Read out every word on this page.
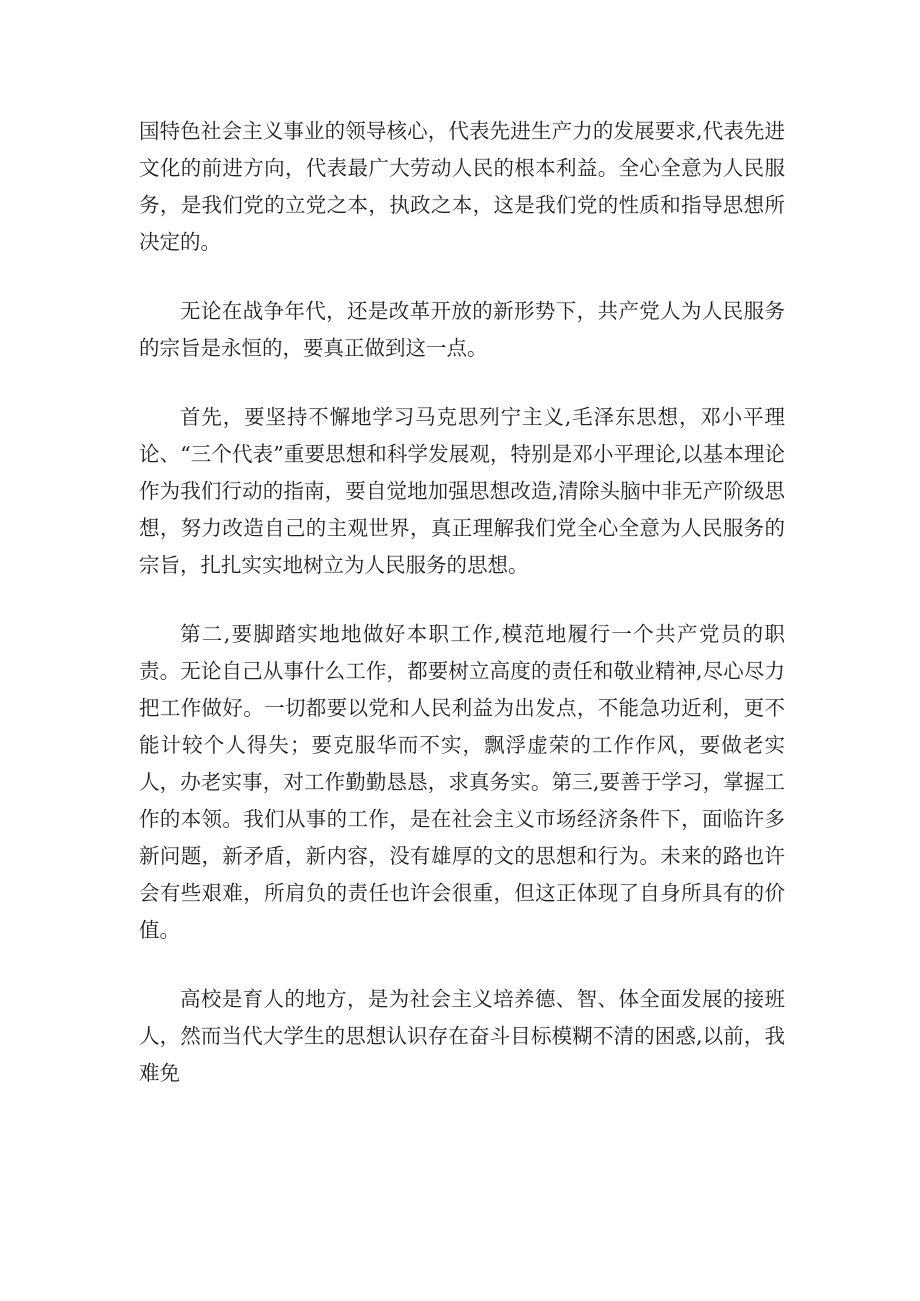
国特色社会主义事业的领导核心，代表先进生产力的发展要求,代表先进文化的前进方向，代表最广大劳动人民的根本利益。全心全意为人民服务，是我们党的立党之本，执政之本，这是我们党的性质和指导思想所决定的。

无论在战争年代，还是改革开放的新形势下，共产党人为人民服务的宗旨是永恒的，要真正做到这一点。

首先，要坚持不懈地学习马克思列宁主义,毛泽东思想，邓小平理论、“三个代表”重要思想和科学发展观，特别是邓小平理论,以基本理论作为我们行动的指南，要自觉地加强思想改造,清除头脑中非无产阶级思想，努力改造自己的主观世界，真正理解我们党全心全意为人民服务的宗旨，扎扎实实地树立为人民服务的思想。

第二,要脚踏实地地做好本职工作,模范地履行一个共产党员的职责。无论自己从事什么工作，都要树立高度的责任和敬业精神,尽心尽力把工作做好。一切都要以党和人民利益为出发点，不能急功近利，更不能计较个人得失；要克服华而不实，飘浮虚荣的工作作风，要做老实人，办老实事，对工作勤勤恳恳，求真务实。第三,要善于学习，掌握工作的本领。我们从事的工作，是在社会主义市场经济条件下，面临许多新问题，新矛盾，新内容，没有雄厚的文的思想和行为。未来的路也许会有些艰难，所肩负的责任也许会很重，但这正体现了自身所具有的价值。

高校是育人的地方，是为社会主义培养德、智、体全面发展的接班人，然而当代大学生的思想认识存在奋斗目标模糊不清的困惑,以前，我难免
